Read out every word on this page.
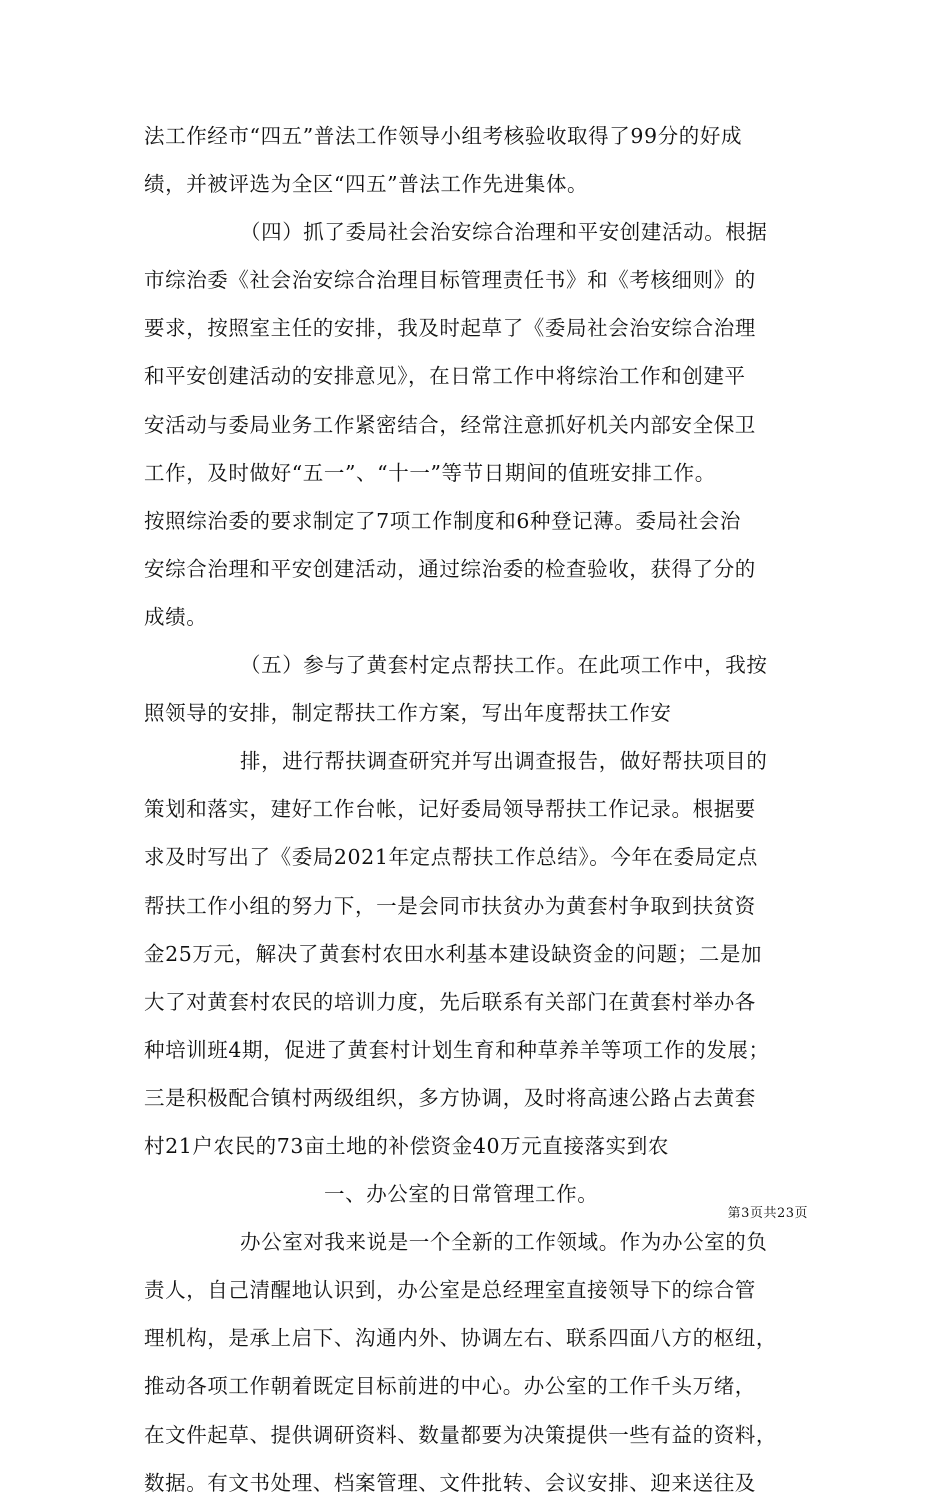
法工作经市“四五”普法工作领导小组考核验收取得了99分的好成
绩，并被评选为全区“四五”普法工作先进集体。
（四）抓了委局社会治安综合治理和平安创建活动。根据
市综治委《社会治安综合治理目标管理责任书》和《考核细则》的
要求，按照室主任的安排，我及时起草了《委局社会治安综合治理
和平安创建活动的安排意见》，在日常工作中将综治工作和创建平
安活动与委局业务工作紧密结合，经常注意抓好机关内部安全保卫
工作，及时做好“五一”、“十一”等节日期间的值班安排工作。
按照综治委的要求制定了7项工作制度和6种登记薄。委局社会治
安综合治理和平安创建活动，通过综治委的检查验收，获得了分的
成绩。
（五）参与了黄套村定点帮扶工作。在此项工作中，我按
照领导的安排，制定帮扶工作方案，写出年度帮扶工作安
排，进行帮扶调查研究并写出调查报告，做好帮扶项目的
策划和落实，建好工作台帐，记好委局领导帮扶工作记录。根据要
求及时写出了《委局2021年定点帮扶工作总结》。今年在委局定点
帮扶工作小组的努力下，一是会同市扶贫办为黄套村争取到扶贫资
金25万元，解决了黄套村农田水利基本建设缺资金的问题；二是加
大了对黄套村农民的培训力度，先后联系有关部门在黄套村举办各
种培训班4期，促进了黄套村计划生育和种草养羊等项工作的发展；
三是积极配合镇村两级组织，多方协调，及时将高速公路占去黄套
村21户农民的73亩土地的补偿资金40万元直接落实到农
一、办公室的日常管理工作。
办公室对我来说是一个全新的工作领域。作为办公室的负
责人，自己清醒地认识到，办公室是总经理室直接领导下的综合管
理机构，是承上启下、沟通内外、协调左右、联系四面八方的枢纽，
推动各项工作朝着既定目标前进的中心。办公室的工作千头万绪，
在文件起草、提供调研资料、数量都要为决策提供一些有益的资料，
数据。有文书处理、档案管理、文件批转、会议安排、迎来送往及
第3页共23页
